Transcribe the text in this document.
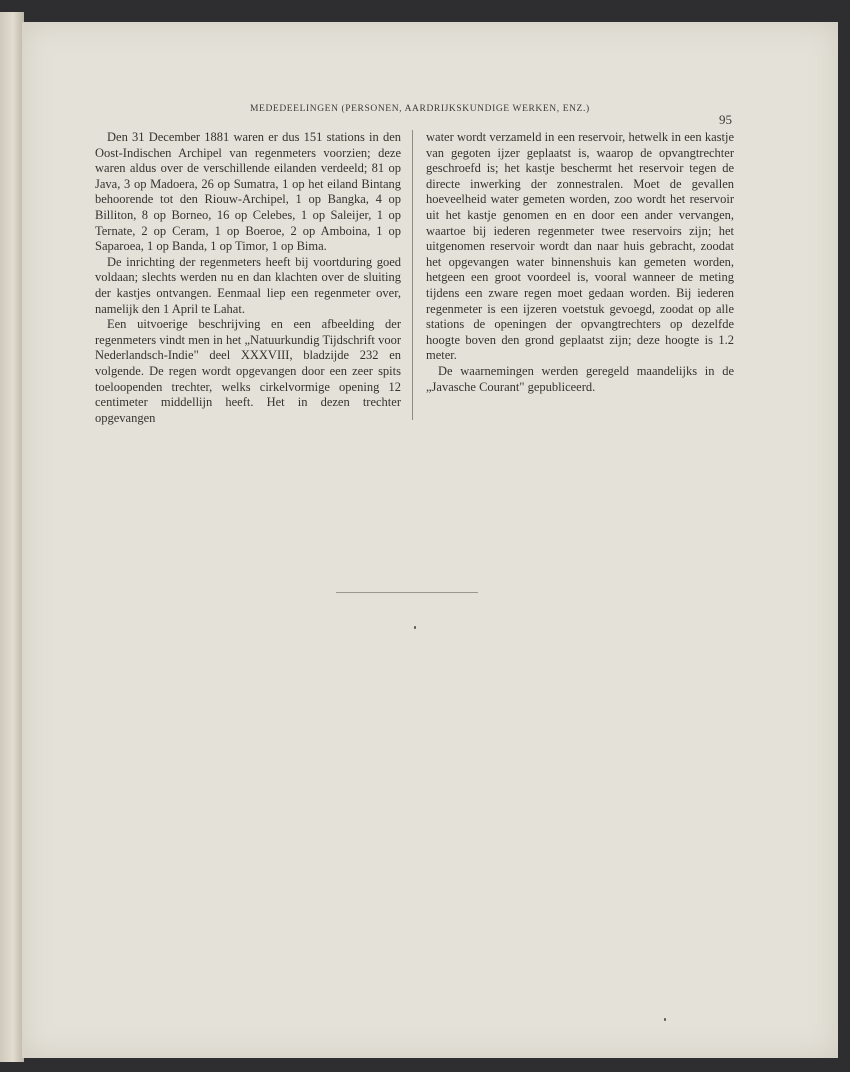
MEDEDEELINGEN (PERSONEN, AARDRIJKSKUNDIGE WERKEN, ENZ.)
95

Den 31 December 1881 waren er dus 151 stations in den Oost-Indischen Archipel van regenmeters voorzien; deze waren aldus over de verschillende eilanden verdeeld; 81 op Java, 3 op Madoera, 26 op Sumatra, 1 op het eiland Bintang behoorende tot den Riouw-Archipel, 1 op Bangka, 4 op Billiton, 8 op Borneo, 16 op Celebes, 1 op Saleijer, 1 op Ternate, 2 op Ceram, 1 op Boeroe, 2 op Amboina, 1 op Saparoea, 1 op Banda, 1 op Timor, 1 op Bima.

De inrichting der regenmeters heeft bij voortduring goed voldaan; slechts werden nu en dan klachten over de sluiting der kastjes ontvangen. Eenmaal liep een regenmeter over, namelijk den 1 April te Lahat.

Een uitvoerige beschrijving en een afbeelding der regenmeters vindt men in het „Natuurkundig Tijdschrift voor Nederlandsch-Indie" deel XXXVIII, bladzijde 232 en volgende. De regen wordt opgevangen door een zeer spits toeloopenden trechter, welks cirkelvormige opening 12 centimeter middellijn heeft. Het in dezen trechter opgevangen

water wordt verzameld in een reservoir, hetwelk in een kastje van gegoten ijzer geplaatst is, waarop de opvangtrechter geschroefd is; het kastje beschermt het reservoir tegen de directe inwerking der zonnestralen. Moet de gevallen hoeveelheid water gemeten worden, zoo wordt het reservoir uit het kastje genomen en en door een ander vervangen, waartoe bij iederen regenmeter twee reservoirs zijn; het uitgenomen reservoir wordt dan naar huis gebracht, zoodat het opgevangen water binnenshuis kan gemeten worden, hetgeen een groot voordeel is, vooral wanneer de meting tijdens een zware regen moet gedaan worden. Bij iederen regenmeter is een ijzeren voetstuk gevoegd, zoodat op alle stations de openingen der opvangtrechters op dezelfde hoogte boven den grond geplaatst zijn; deze hoogte is 1.2 meter.

De waarnemingen werden geregeld maandelijks in de „Javasche Courant" gepubliceerd.
